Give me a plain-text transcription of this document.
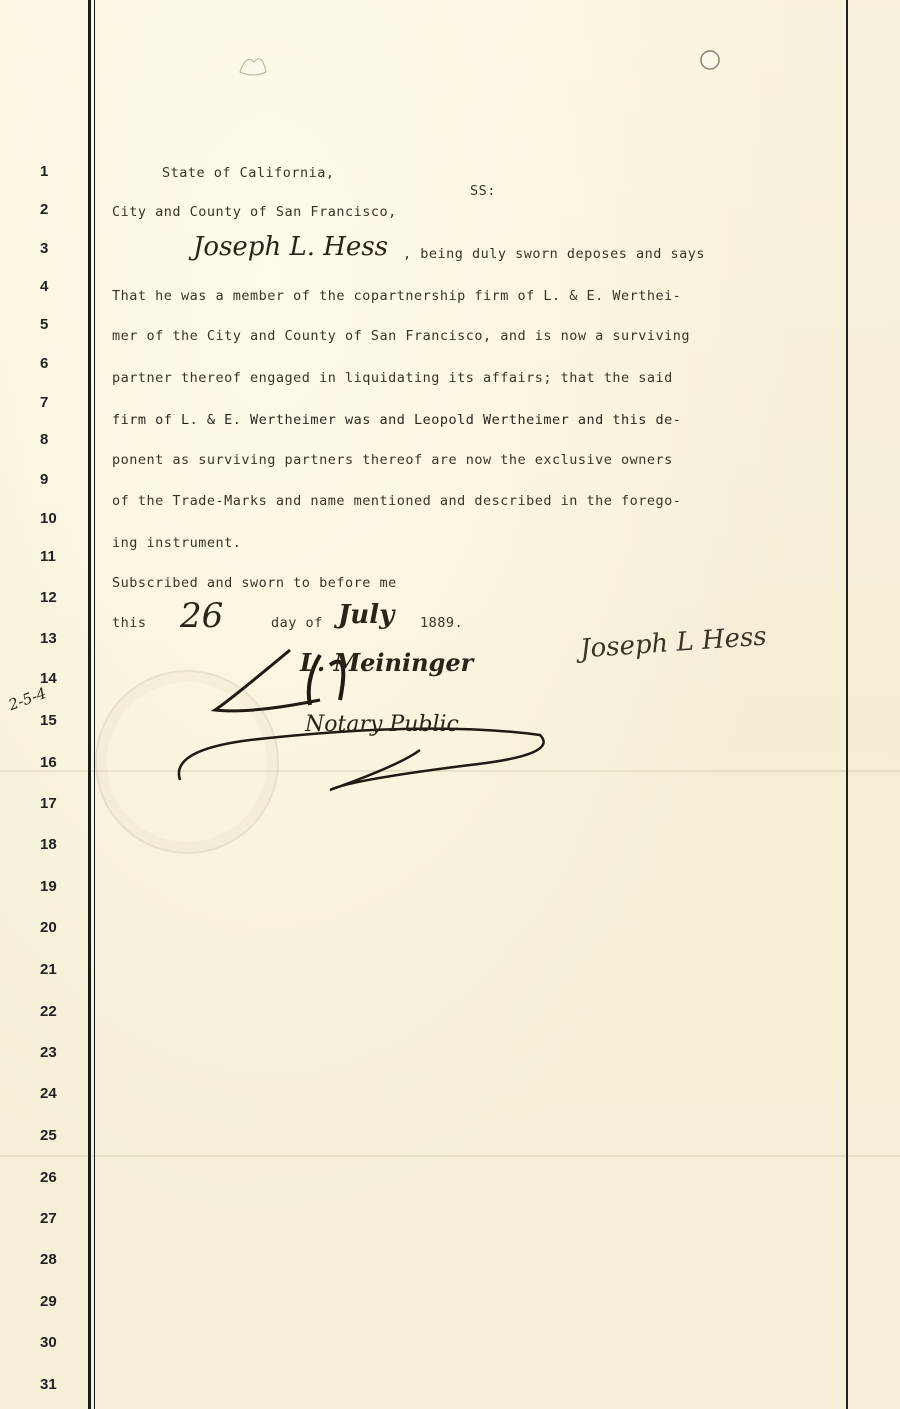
1
2
3
4
5
6
7
8
9
10
11
12
13
14
15
16
17
18
19
20
21
22
23
24
25
26
27
28
29
30
31
State of California,
SS:
City and County of San Francisco,
Joseph L. Hess , being duly sworn deposes and says
That he was a member of the copartnership firm of L. & E. Werthei-
mer of the City and County of San Francisco, and is now a surviving
partner thereof engaged in liquidating its affairs; that the said
firm of L. & E. Wertheimer was and Leopold Wertheimer and this de-
ponent as surviving partners thereof are now the exclusive owners
of the Trade-Marks and name mentioned and described in the forego-
ing instrument.
Subscribed and sworn to before me
this 26	day of July 1889.	Joseph L Hess
L. Meininger
Notary Public
2-5-4
